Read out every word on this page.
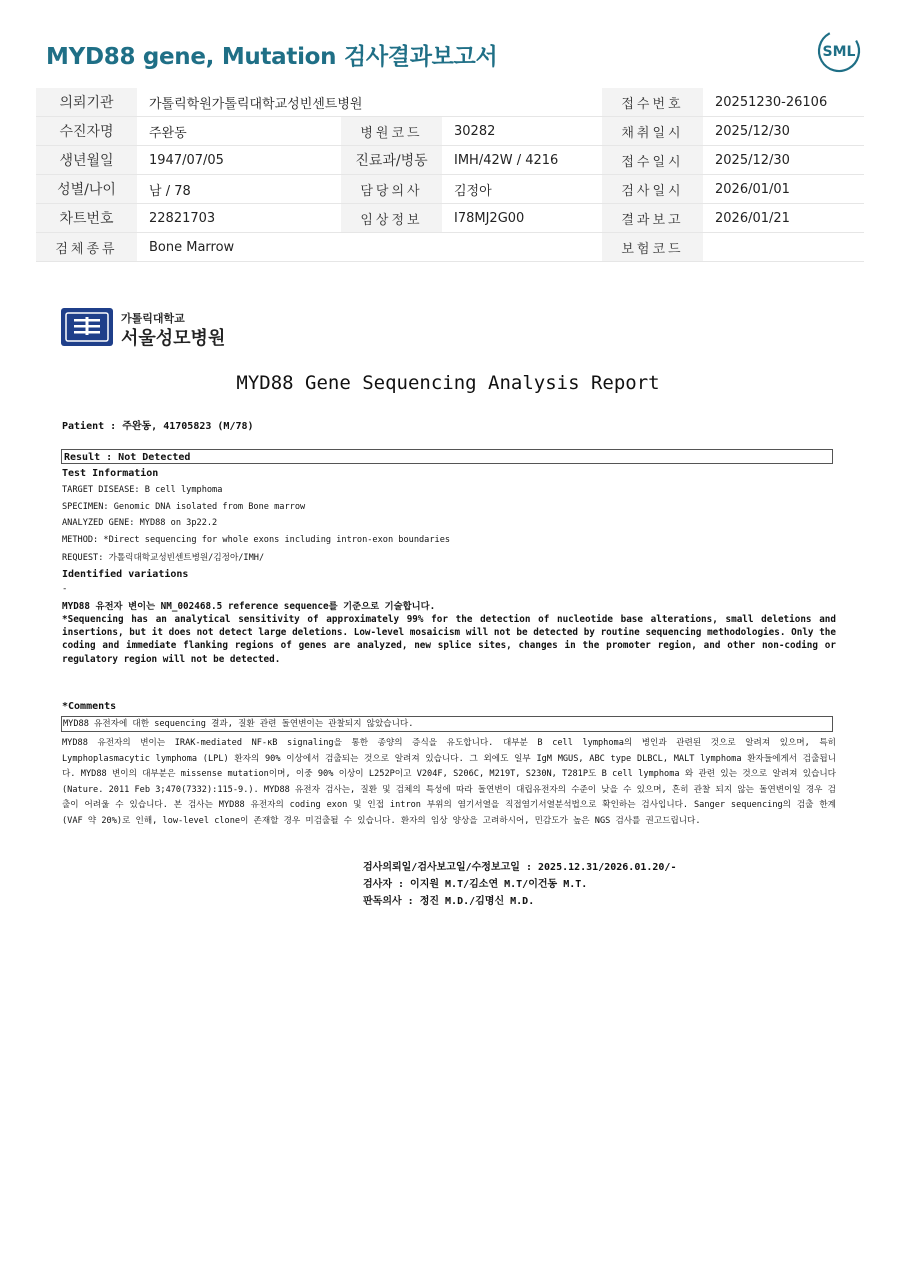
MYD88 gene, Mutation 검사결과보고서	SML
의뢰기관	가톨릭학원가톨릭대학교성빈센트병원			접수번호	20251230-26106
수진자명	주완동	병원코드	30282	채취일시	2025/12/30
생년월일	1947/07/05	진료과/병동	IMH/42W / 4216	접수일시	2025/12/30
성별/나이	남 / 78	담당의사	김정아	검사일시	2026/01/01
차트번호	22821703	임상정보	I78MJ2G00	결과보고	2026/01/21
검체종류	Bone Marrow			보험코드	
가톨릭대학교
서울성모병원
MYD88 Gene Sequencing Analysis Report
Patient : 주완동, 41705823 (M/78)
Result : Not Detected
Test Information
TARGET DISEASE: B cell lymphoma
SPECIMEN: Genomic DNA isolated from Bone marrow
ANALYZED GENE: MYD88 on 3p22.2
METHOD: *Direct sequencing for whole exons including intron-exon boundaries
REQUEST: 가톨릭대학교성빈센트병원/김정아/IMH/
Identified variations
-
MYD88 유전자 변이는 NM_002468.5 reference sequence를 기준으로 기술합니다.
*Sequencing has an analytical sensitivity of approximately 99% for the detection of nucleotide base alterations, small deletions and insertions, but it does not detect large deletions. Low-level mosaicism will not be detected by routine sequencing methodologies. Only the coding and immediate flanking regions of genes are analyzed, new splice sites, changes in the promoter region, and other non-coding or regulatory region will not be detected.
*Comments
MYD88 유전자에 대한 sequencing 결과, 질환 관련 돌연변이는 관찰되지 않았습니다.
MYD88 유전자의 변이는 IRAK-mediated NF-κB signaling을 통한 종양의 증식을 유도합니다. 대부분 B cell lymphoma의 병인과 관련된 것으로 알려져 있으며, 특히 Lymphoplasmacytic lymphoma (LPL) 환자의 90% 이상에서 검출되는 것으로 알려져 있습니다. 그 외에도 일부 IgM MGUS, ABC type DLBCL, MALT lymphoma 환자들에게서 검출됩니다. MYD88 변이의 대부분은 missense mutation이며, 이중 90% 이상이 L252P이고 V204F, S206C, M219T, S230N, T281P도 B cell lymphoma 와 관련 있는 것으로 알려져 있습니다(Nature. 2011 Feb 3;470(7332):115-9.). MYD88 유전자 검사는, 질환 및 검체의 특성에 따라 돌연변이 대립유전자의 수준이 낮을 수 있으며, 흔히 관찰 되지 않는 돌연변이일 경우 검출이 어려울 수 있습니다. 본 검사는 MYD88 유전자의 coding exon 및 인접 intron 부위의 염기서열을 직접염기서열분석법으로 확인하는 검사입니다. Sanger sequencing의 검출 한계(VAF 약 20%)로 인해, low-level clone이 존재할 경우 미검출될 수 있습니다. 환자의 임상 양상을 고려하시어, 민감도가 높은 NGS 검사를 권고드립니다.
검사의뢰일/검사보고일/수정보고일 : 2025.12.31/2026.01.20/-
검사자 : 이지원 M.T/김소연 M.T/이건동 M.T.
판독의사 : 정진 M.D./김명신 M.D.
